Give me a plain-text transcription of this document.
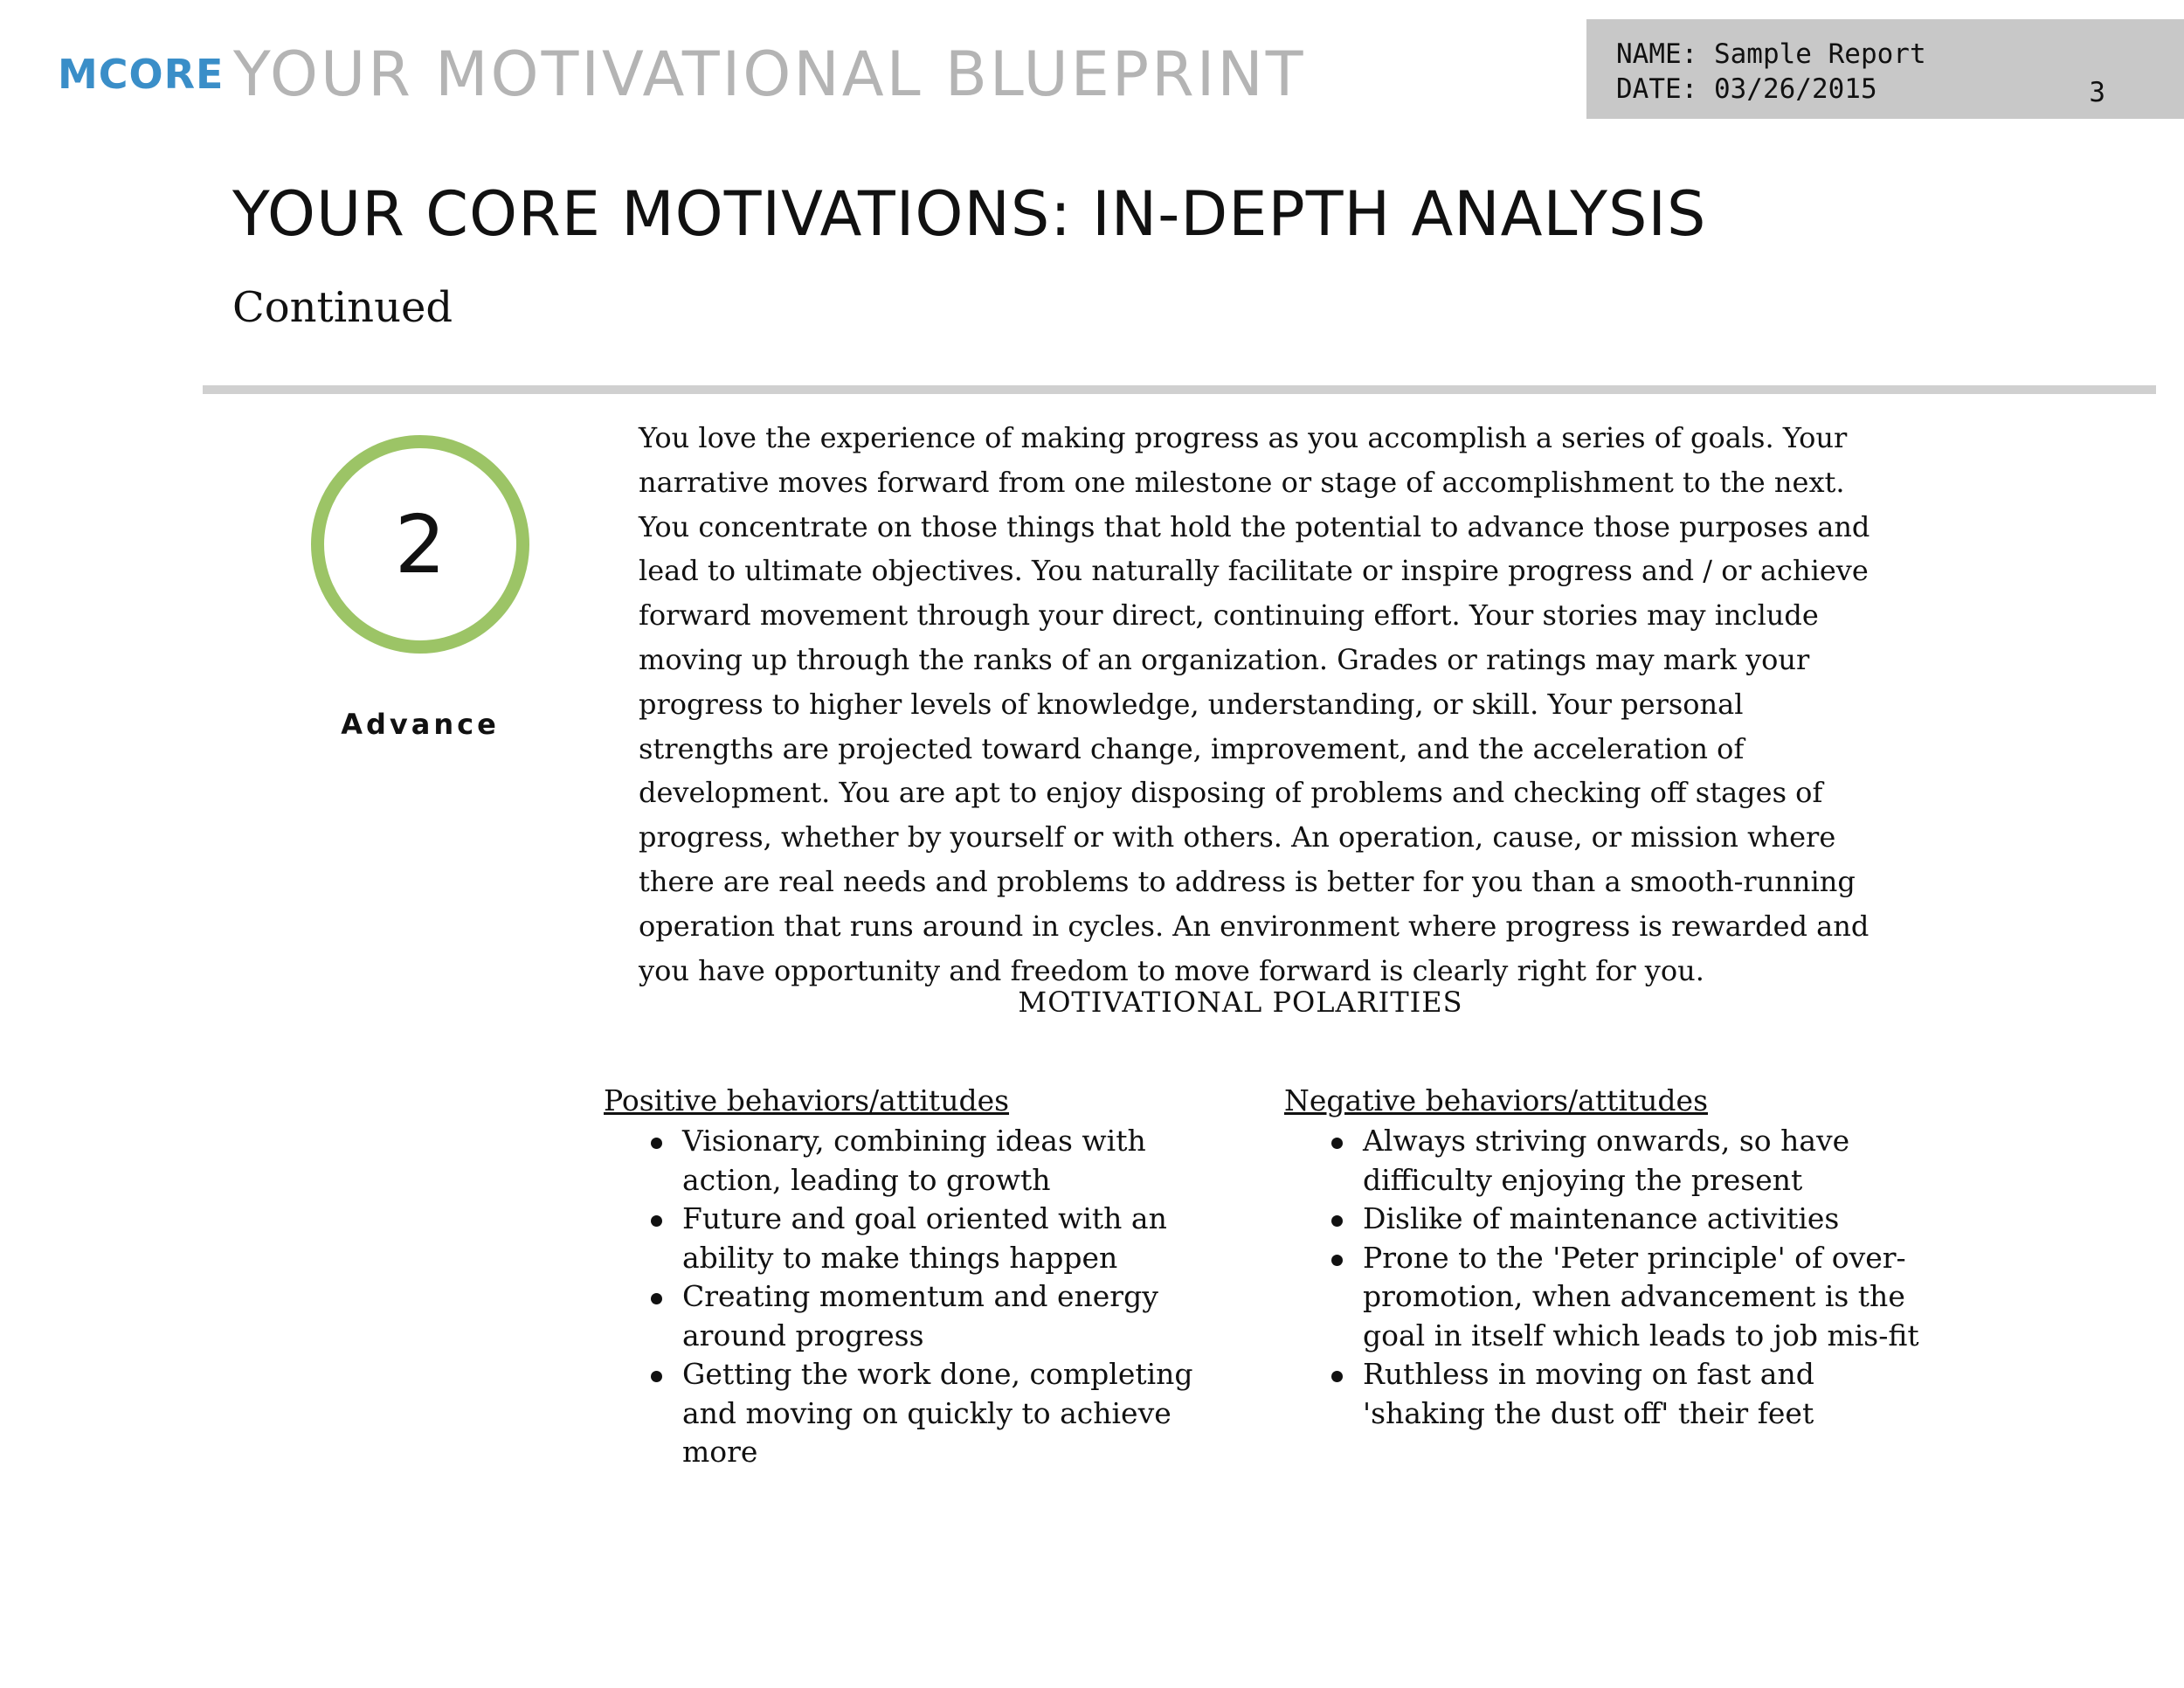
MCORE YOUR MOTIVATIONAL BLUEPRINT	NAME: Sample Report
DATE: 03/26/2015	3
YOUR CORE MOTIVATIONS: IN-DEPTH ANALYSIS
Continued
2
Advance
You love the experience of making progress as you accomplish a series of goals. Your narrative moves forward from one milestone or stage of accomplishment to the next. You concentrate on those things that hold the potential to advance those purposes and lead to ultimate objectives. You naturally facilitate or inspire progress and / or achieve forward movement through your direct, continuing effort. Your stories may include moving up through the ranks of an organization. Grades or ratings may mark your progress to higher levels of knowledge, understanding, or skill. Your personal strengths are projected toward change, improvement, and the acceleration of development. You are apt to enjoy disposing of problems and checking off stages of progress, whether by yourself or with others. An operation, cause, or mission where there are real needs and problems to address is better for you than a smooth-running operation that runs around in cycles. An environment where progress is rewarded and you have opportunity and freedom to move forward is clearly right for you.
MOTIVATIONAL POLARITIES
Positive behaviors/attitudes
Visionary, combining ideas with action, leading to growth
Future and goal oriented with an ability to make things happen
Creating momentum and energy around progress
Getting the work done, completing and moving on quickly to achieve more
Negative behaviors/attitudes
Always striving onwards, so have difficulty enjoying the present
Dislike of maintenance activities
Prone to the 'Peter principle' of over-promotion, when advancement is the goal in itself which leads to job mis-fit
Ruthless in moving on fast and 'shaking the dust off' their feet
